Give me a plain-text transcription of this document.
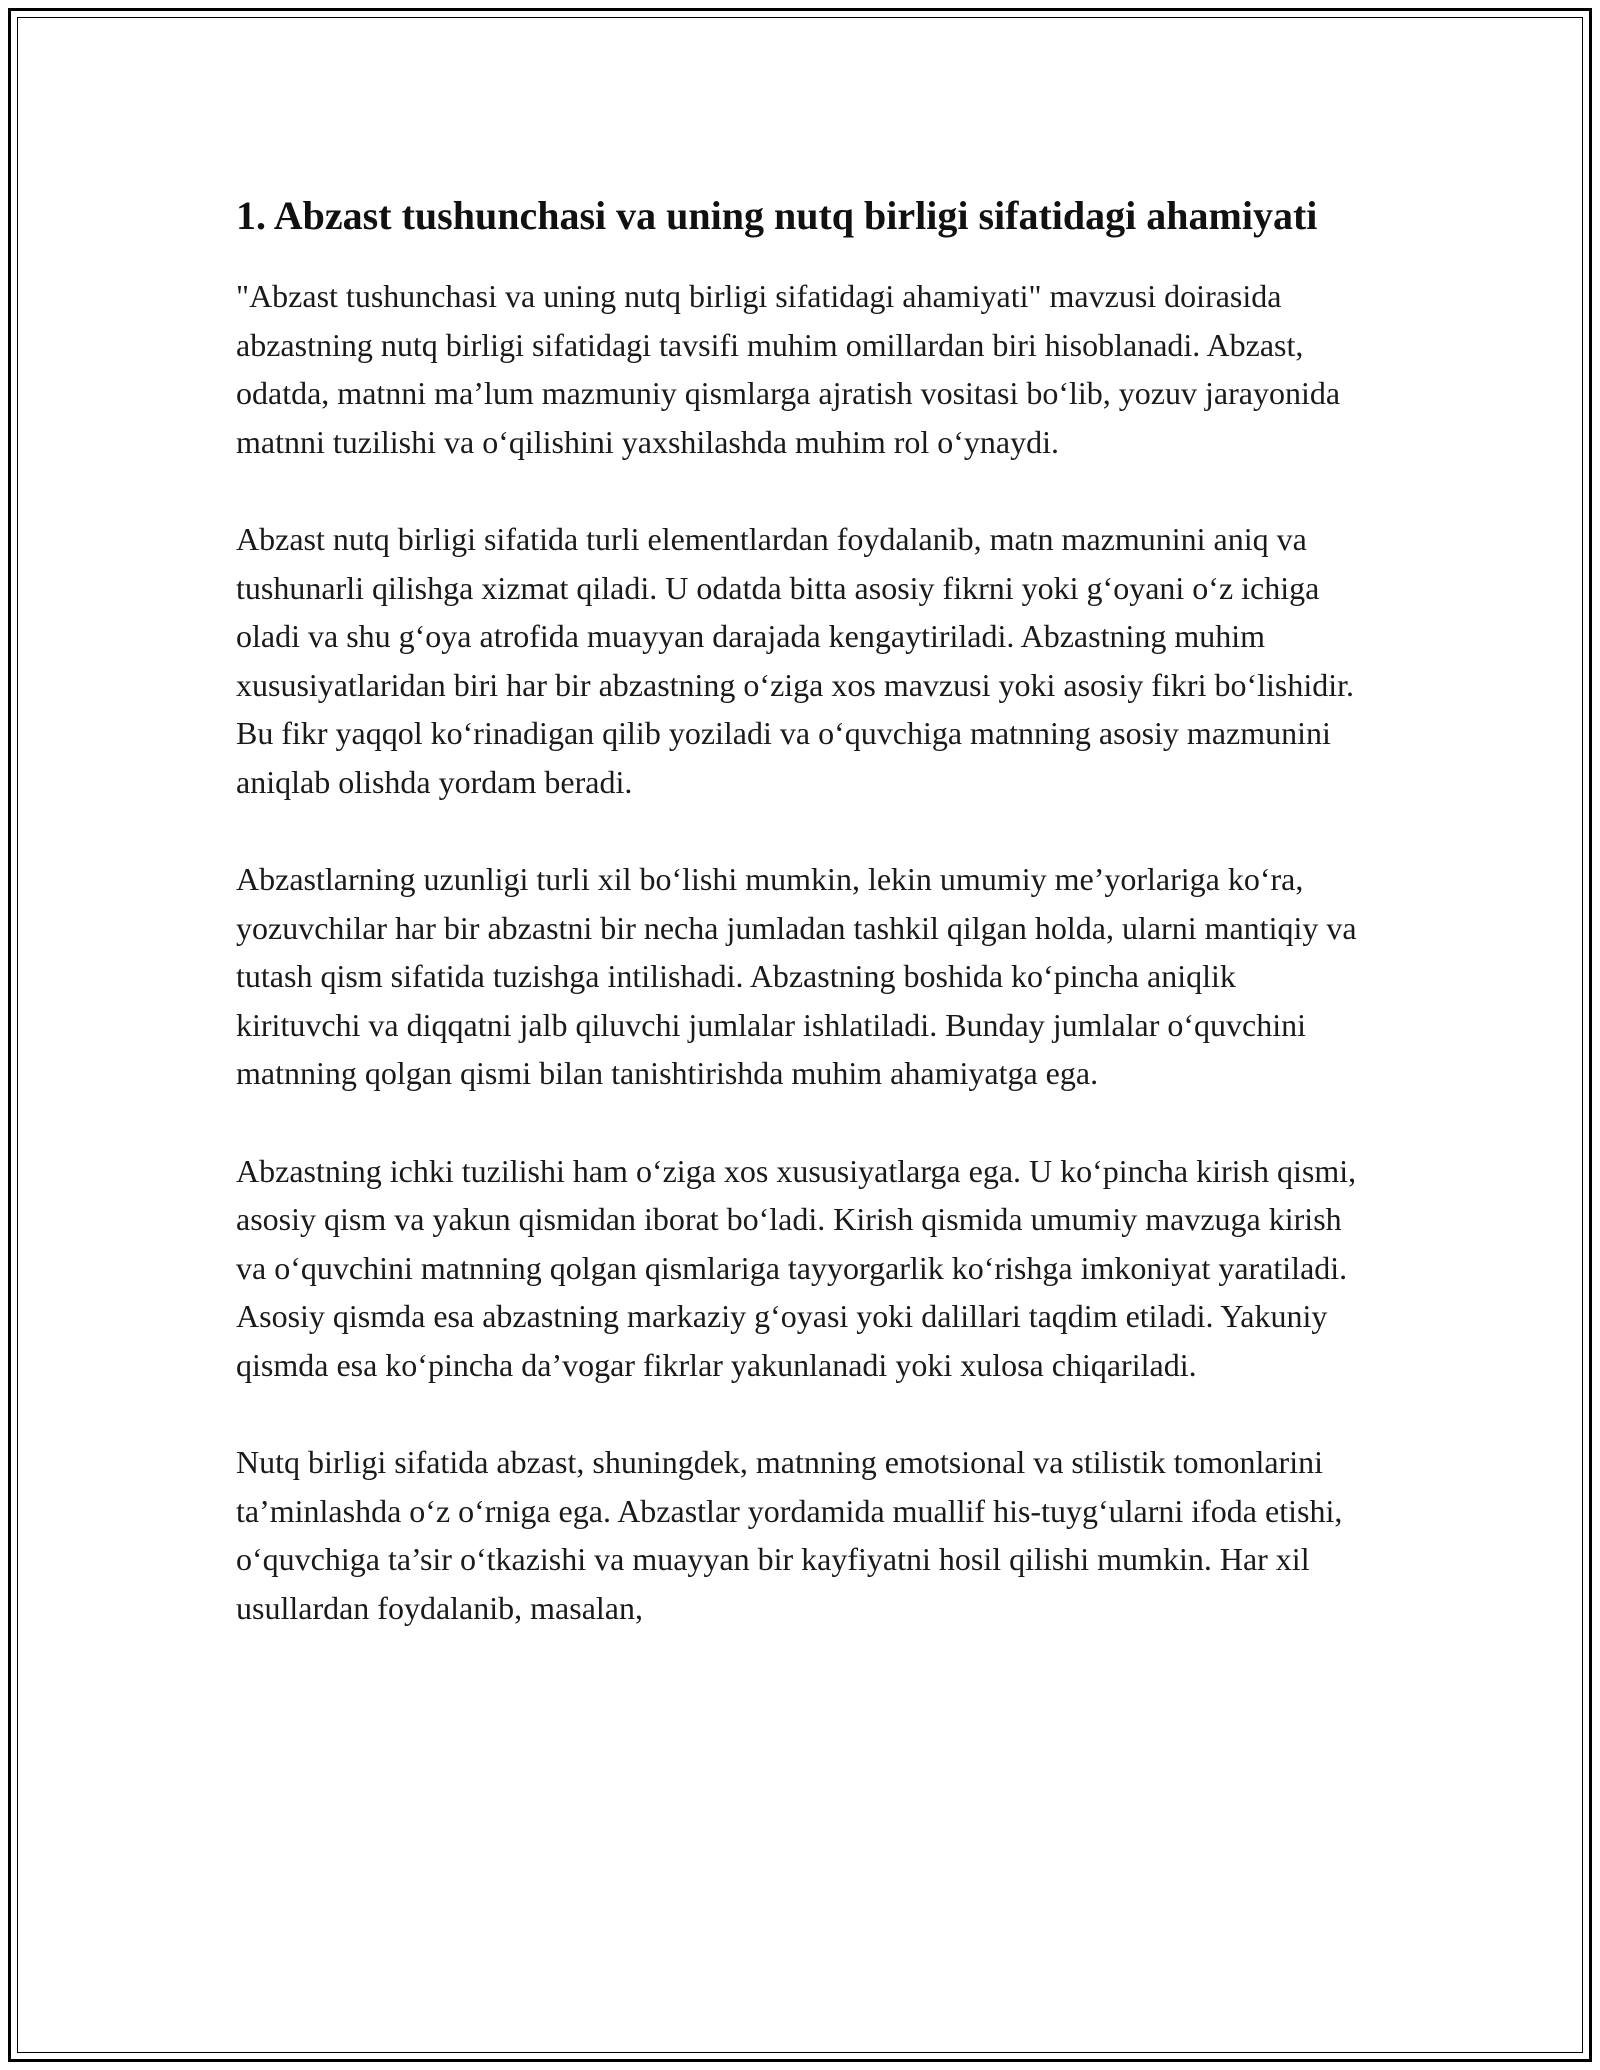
1. Abzast tushunchasi va uning nutq birligi sifatidagi ahamiyati

"Abzast tushunchasi va uning nutq birligi sifatidagi ahamiyati" mavzusi doirasida abzastning nutq birligi sifatidagi tavsifi muhim omillardan biri hisoblanadi. Abzast, odatda, matnni ma’lum mazmuniy qismlarga ajratish vositasi bo‘lib, yozuv jarayonida matnni tuzilishi va o‘qilishini yaxshilashda muhim rol o‘ynaydi.

Abzast nutq birligi sifatida turli elementlardan foydalanib, matn mazmunini aniq va tushunarli qilishga xizmat qiladi. U odatda bitta asosiy fikrni yoki g‘oyani o‘z ichiga oladi va shu g‘oya atrofida muayyan darajada kengaytiriladi. Abzastning muhim xususiyatlaridan biri har bir abzastning o‘ziga xos mavzusi yoki asosiy fikri bo‘lishidir. Bu fikr yaqqol ko‘rinadigan qilib yoziladi va o‘quvchiga matnning asosiy mazmunini aniqlab olishda yordam beradi.

Abzastlarning uzunligi turli xil bo‘lishi mumkin, lekin umumiy me’yorlariga ko‘ra, yozuvchilar har bir abzastni bir necha jumladan tashkil qilgan holda, ularni mantiqiy va tutash qism sifatida tuzishga intilishadi. Abzastning boshida ko‘pincha aniqlik kirituvchi va diqqatni jalb qiluvchi jumlalar ishlatiladi. Bunday jumlalar o‘quvchini matnning qolgan qismi bilan tanishtirishda muhim ahamiyatga ega.

Abzastning ichki tuzilishi ham o‘ziga xos xususiyatlarga ega. U ko‘pincha kirish qismi, asosiy qism va yakun qismidan iborat bo‘ladi. Kirish qismida umumiy mavzuga kirish va o‘quvchini matnning qolgan qismlariga tayyorgarlik ko‘rishga imkoniyat yaratiladi. Asosiy qismda esa abzastning markaziy g‘oyasi yoki dalillari taqdim etiladi. Yakuniy qismda esa ko‘pincha da’vogar fikrlar yakunlanadi yoki xulosa chiqariladi.

Nutq birligi sifatida abzast, shuningdek, matnning emotsional va stilistik tomonlarini ta’minlashda o‘z o‘rniga ega. Abzastlar yordamida muallif his-tuyg‘ularni ifoda etishi, o‘quvchiga ta’sir o‘tkazishi va muayyan bir kayfiyatni hosil qilishi mumkin. Har xil usullardan foydalanib, masalan,
